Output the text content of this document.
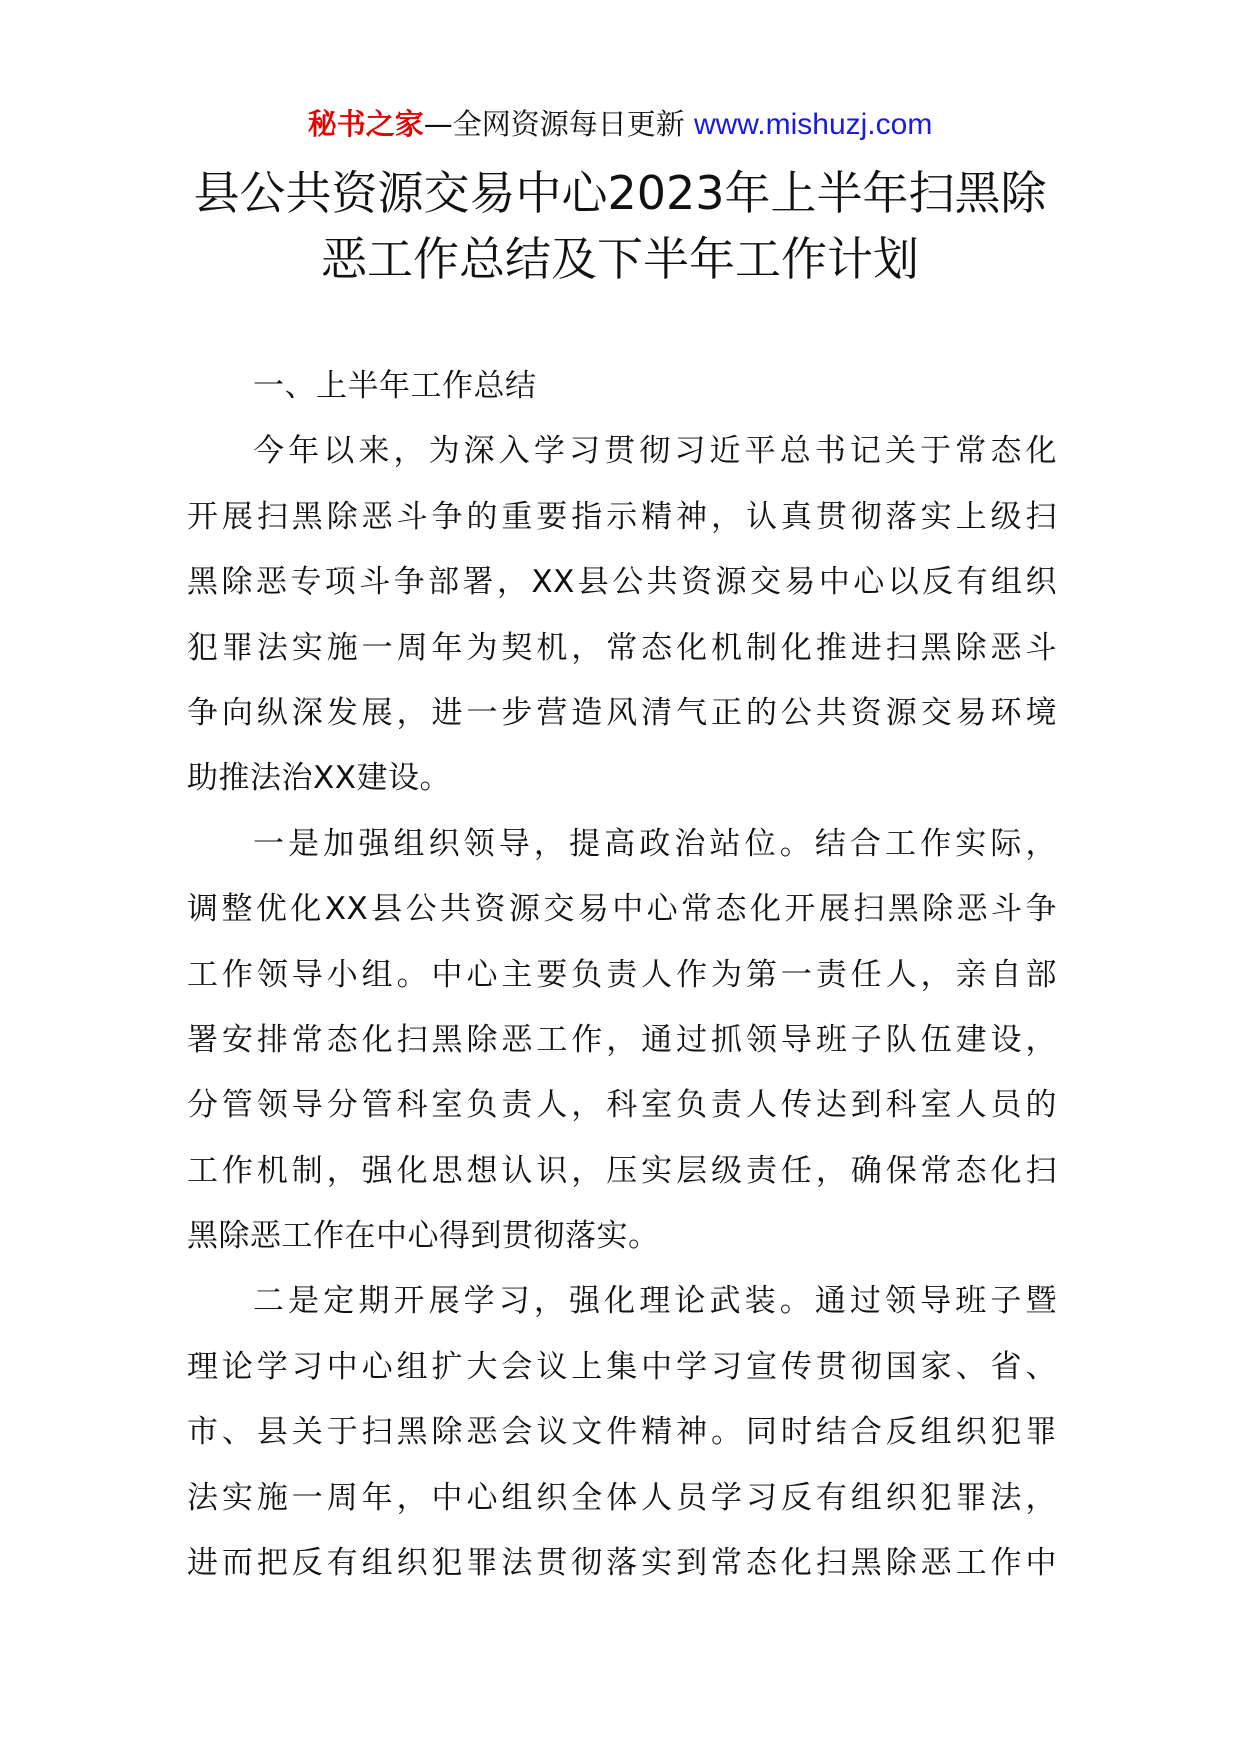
秘书之家—全网资源每日更新 www.mishuzj.com
县公共资源交易中心2023年上半年扫黑除
恶工作总结及下半年工作计划
一、上半年工作总结
今年以来，为深入学习贯彻习近平总书记关于常态化
开展扫黑除恶斗争的重要指示精神，认真贯彻落实上级扫
黑除恶专项斗争部署，XX县公共资源交易中心以反有组织
犯罪法实施一周年为契机，常态化机制化推进扫黑除恶斗
争向纵深发展，进一步营造风清气正的公共资源交易环境
助推法治XX建设。
一是加强组织领导，提高政治站位。结合工作实际，
调整优化XX县公共资源交易中心常态化开展扫黑除恶斗争
工作领导小组。中心主要负责人作为第一责任人，亲自部
署安排常态化扫黑除恶工作，通过抓领导班子队伍建设，
分管领导分管科室负责人，科室负责人传达到科室人员的
工作机制，强化思想认识，压实层级责任，确保常态化扫
黑除恶工作在中心得到贯彻落实。
二是定期开展学习，强化理论武装。通过领导班子暨
理论学习中心组扩大会议上集中学习宣传贯彻国家、省、
市、县关于扫黑除恶会议文件精神。同时结合反组织犯罪
法实施一周年，中心组织全体人员学习反有组织犯罪法，
进而把反有组织犯罪法贯彻落实到常态化扫黑除恶工作中
